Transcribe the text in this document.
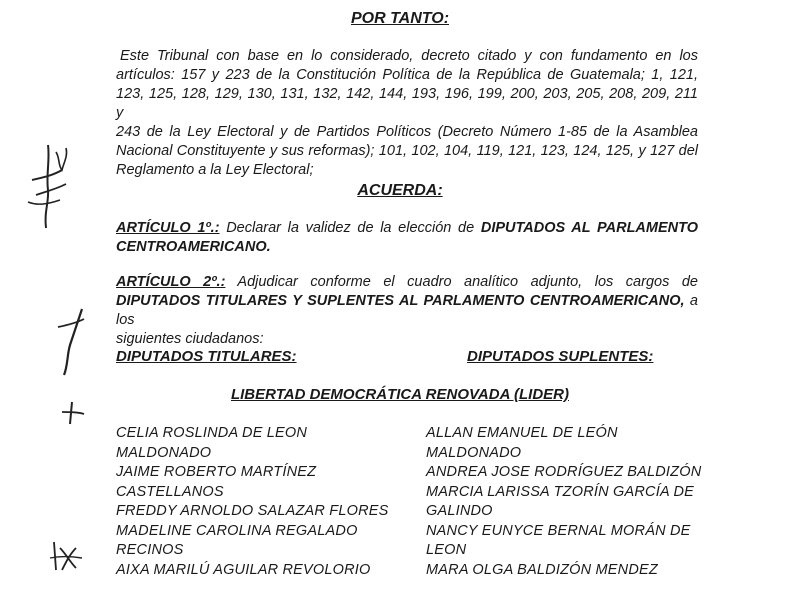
POR TANTO:
Este Tribunal con base en lo considerado, decreto citado y con fundamento en los
artículos: 157 y 223 de la Constitución Política de la República de Guatemala; 1, 121,
123, 125, 128, 129, 130, 131, 132, 142, 144, 193, 196, 199, 200, 203, 205, 208, 209, 211 y
243 de la Ley Electoral y de Partidos Políticos (Decreto Número 1-85 de la Asamblea
Nacional Constituyente y sus reformas); 101, 102, 104, 119, 121, 123, 124, 125, y 127 del
Reglamento a la Ley Electoral;
ACUERDA:
ARTÍCULO 1º.: Declarar la validez de la elección de DIPUTADOS AL PARLAMENTO
CENTROAMERICANO.
ARTÍCULO 2º.: Adjudicar conforme el cuadro analítico adjunto, los cargos de
DIPUTADOS TITULARES Y SUPLENTES AL PARLAMENTO CENTROAMERICANO, a los
siguientes ciudadanos:
DIPUTADOS TITULARES:	DIPUTADOS SUPLENTES:
LIBERTAD DEMOCRÁTICA RENOVADA (LIDER)
CELIA ROSLINDA DE LEON
MALDONADO
JAIME ROBERTO MARTÍNEZ
CASTELLANOS
FREDDY ARNOLDO SALAZAR FLORES
MADELINE CAROLINA REGALADO
RECINOS
AIXA MARILÚ AGUILAR REVOLORIO
ALLAN EMANUEL DE LEÓN
MALDONADO
ANDREA JOSE RODRÍGUEZ BALDIZÓN
MARCIA LARISSA TZORÍN GARCÍA DE
GALINDO
NANCY EUNYCE BERNAL MORÁN DE
LEON
MARA OLGA BALDIZÓN MENDEZ
